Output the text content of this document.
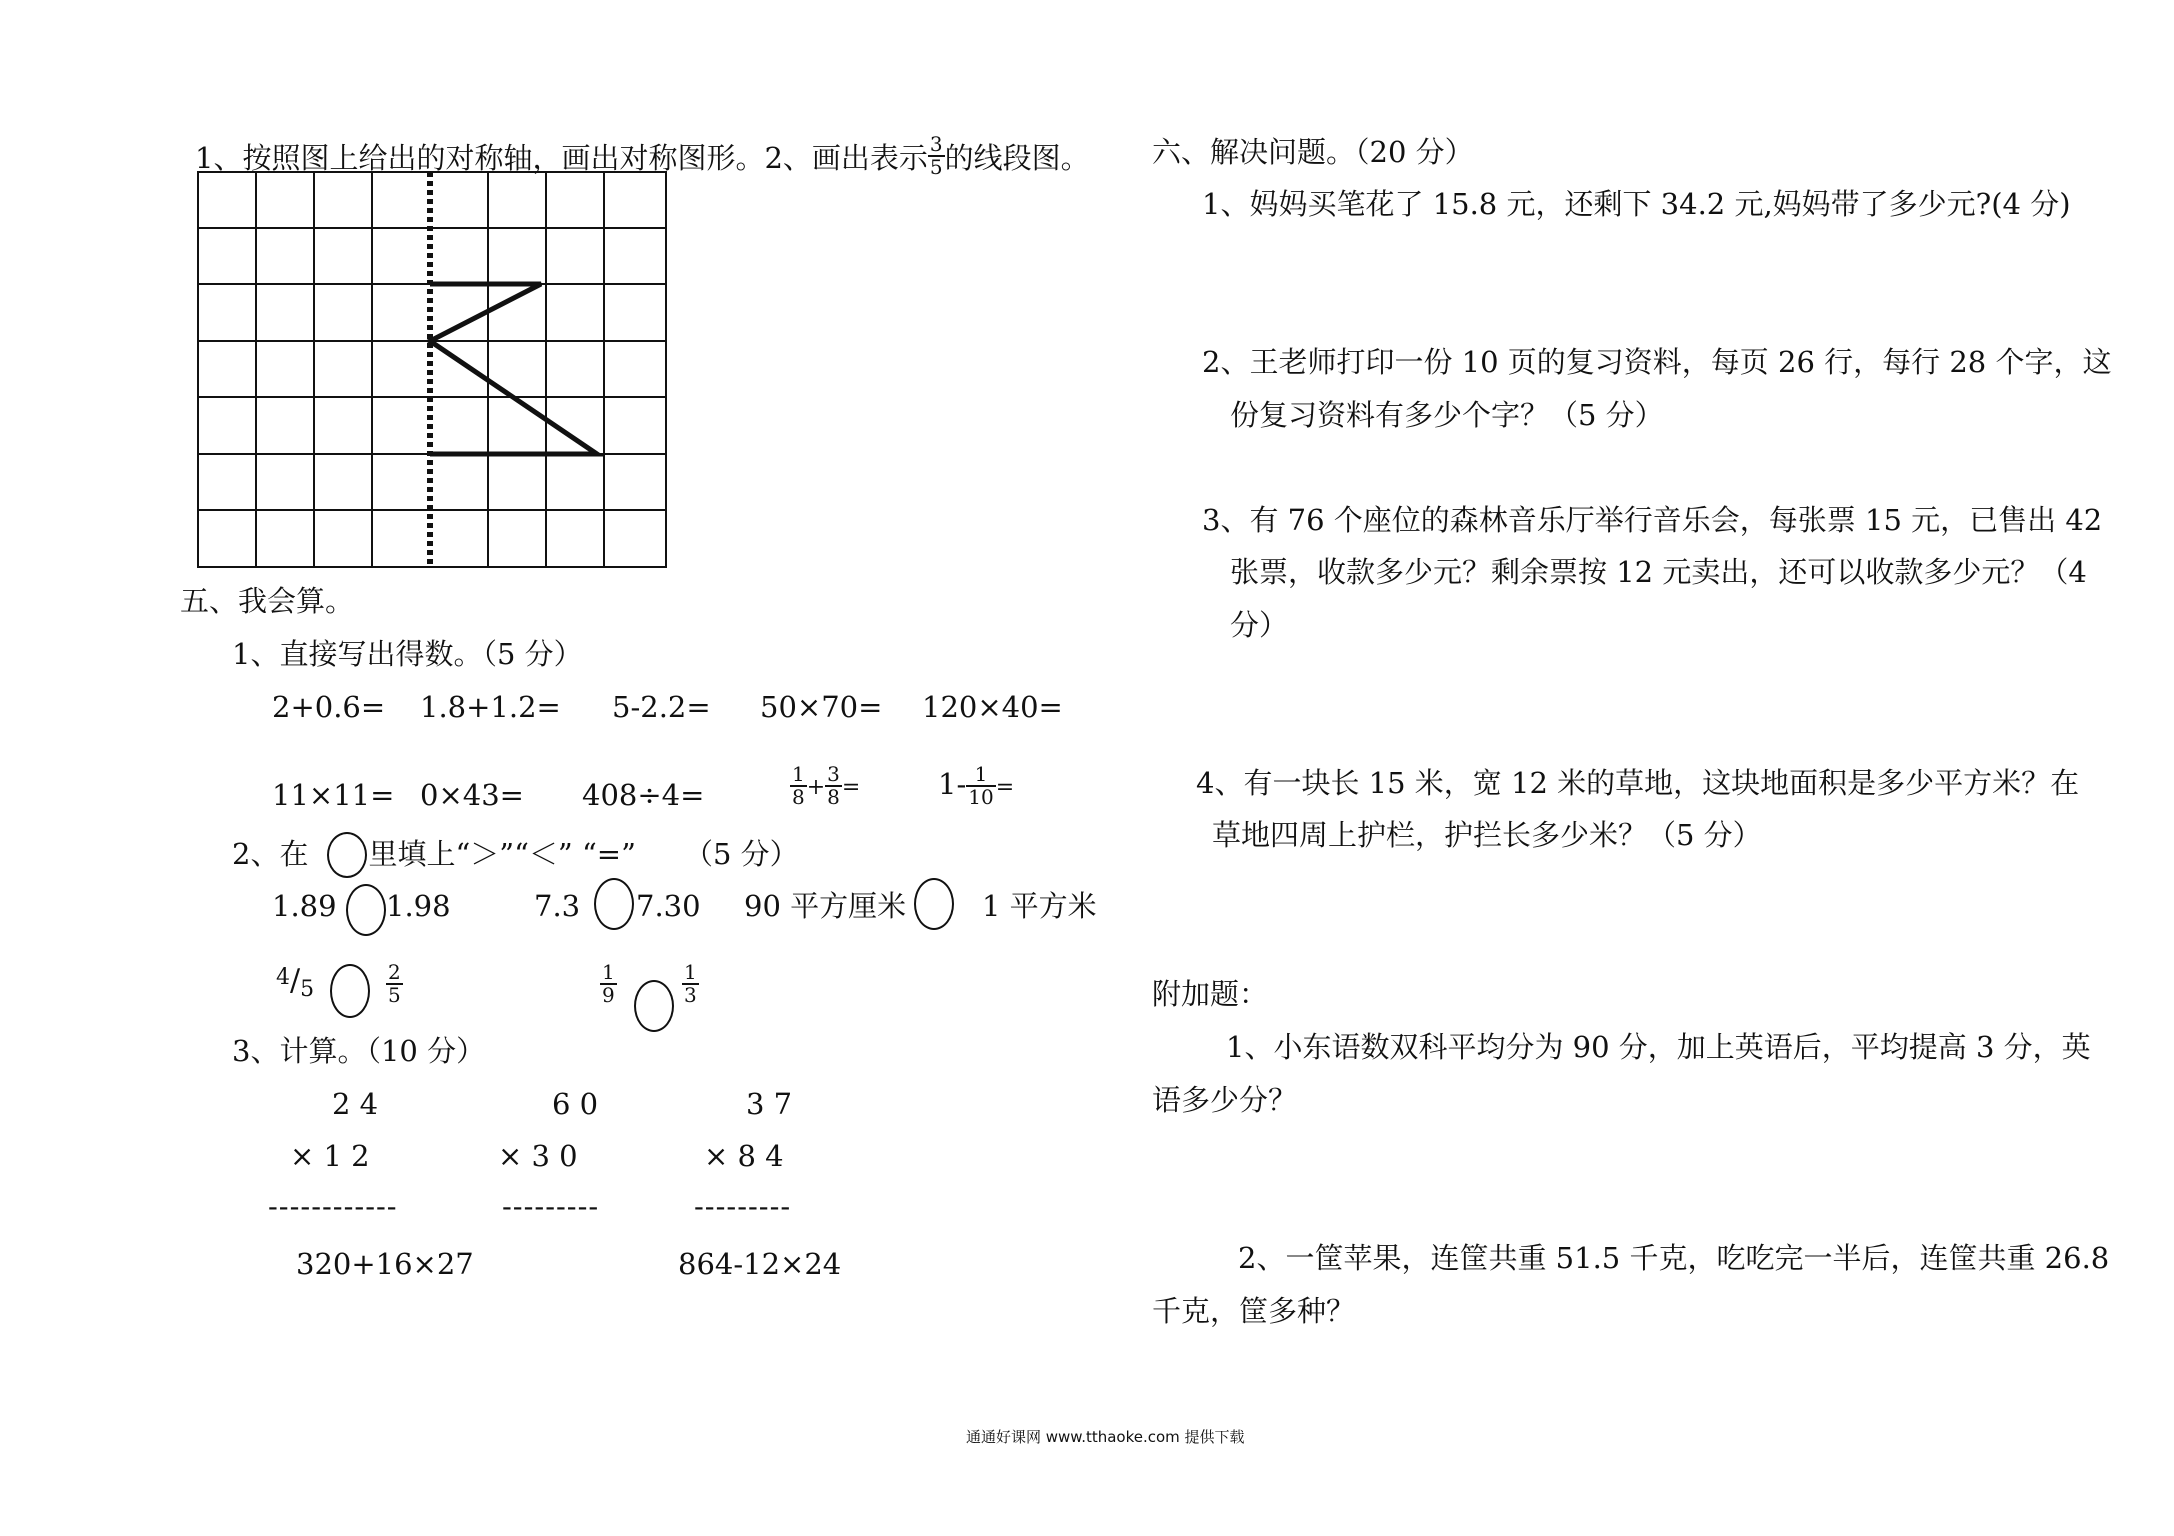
1、按照图上给出的对称轴，画出对称图形。2、画出表示 $\frac{3}{5}$ 的线段图。
五、我会算。
1、直接写出得数。（5 分）
2+0.6= 1.8+1.2= 5-2.2= 50×70= 120×40=
11×11= 0×43= 408÷4=	$\frac{1}{8} + \frac{3}{8}$ =	$1- \frac{1}{10}$ =
2、在 里填上“＞”“＜” “=” （5 分）
1.89 1.98	7.3 7.30 90 平方厘米	1 平方米
$^4/_5$	$\frac{2}{5}$	$\frac{1}{9}$	$\frac{1}{3}$
3、计算。（10 分）
2 4
× 1 2
------------
6 0
× 3 0
---------
3 7
× 8 4
---------
320+16×27	864-12×24
六、解决问题。（20 分）
1、妈妈买笔花了 15.8 元，还剩下 34.2 元,妈妈带了多少元?(4 分)
2、王老师打印一份 10 页的复习资料，每页 26 行，每行 28 个字，这
份复习资料有多少个字？（5 分）
3、有 76 个座位的森林音乐厅举行音乐会，每张票 15 元，已售出 42
张票，收款多少元？剩余票按 12 元卖出，还可以收款多少元？（4
分）
4、有一块长 15 米，宽 12 米的草地，这块地面积是多少平方米？在
草地四周上护栏，护拦长多少米？（5 分）
附加题：
1、小东语数双科平均分为 90 分，加上英语后，平均提高 3 分，英
语多少分？
2、一筐苹果，连筐共重 51.5 千克，吃吃完一半后，连筐共重 26.8
千克，筐多种？
通通好课网 www.tthaoke.com 提供下载
